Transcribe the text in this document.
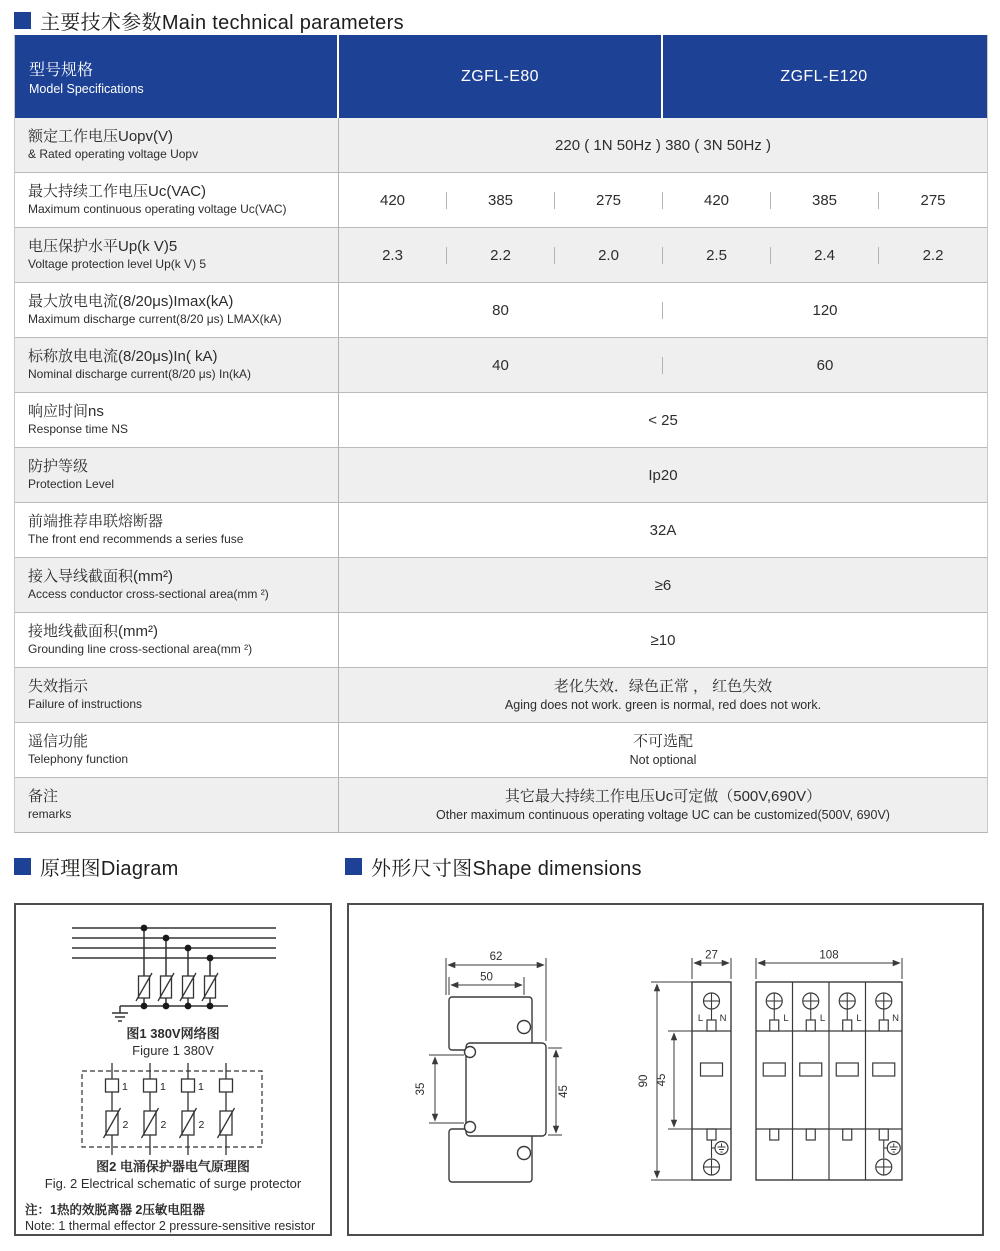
主要技术参数Main technical parameters
型号规格
Model Specifications
ZGFL-E80	ZGFL-E120
额定工作电压Uopv(V)
& Rated operating voltage Uopv
220 ( 1N 50Hz ) 380 ( 3N 50Hz )
最大持续工作电压Uc(VAC)
Maximum continuous operating voltage Uc(VAC)
420	385	275	420	385	275
电压保护水平Up(k V)5
Voltage protection level Up(k V) 5
2.3	2.2	2.0	2.5	2.4	2.2
最大放电电流(8/20μs)Imax(kA)
Maximum discharge current(8/20 μs) LMAX(kA)
80	120
标称放电电流(8/20μs)In( kA)
Nominal discharge current(8/20 μs) In(kA)
40	60
响应时间ns
Response time NS
< 25
防护等级
Protection Level
Ip20
前端推荐串联熔断器
The front end recommends a series fuse
32A
接入导线截面积(mm²)
Access conductor cross-sectional area(mm ²)
≥6
接地线截面积(mm²)
Grounding line cross-sectional area(mm ²)
≥10
失效指示
Failure of instructions
老化失效．绿色正常 ， 红色失效
Aging does not work. green is normal, red does not work.
遥信功能
Telephony function
不可选配
Not optional
备注
remarks
其它最大持续工作电压Uc可定做（500V,690V）
Other maximum continuous operating voltage UC can be customized(500V, 690V)
原理图Diagram	外形尺寸图Shape dimensions
图1 380V网络图
Figure 1 380V
1	1	1
2	2	2
图2 电涌保护器电气原理图
Fig. 2 Electrical schematic of surge protector
注：1热的效脱离器 2压敏电阻器
Note: 1 thermal effector 2 pressure-sensitive resistor
62
50
35	45
27	108
90 45
L N	L	L	L	N
